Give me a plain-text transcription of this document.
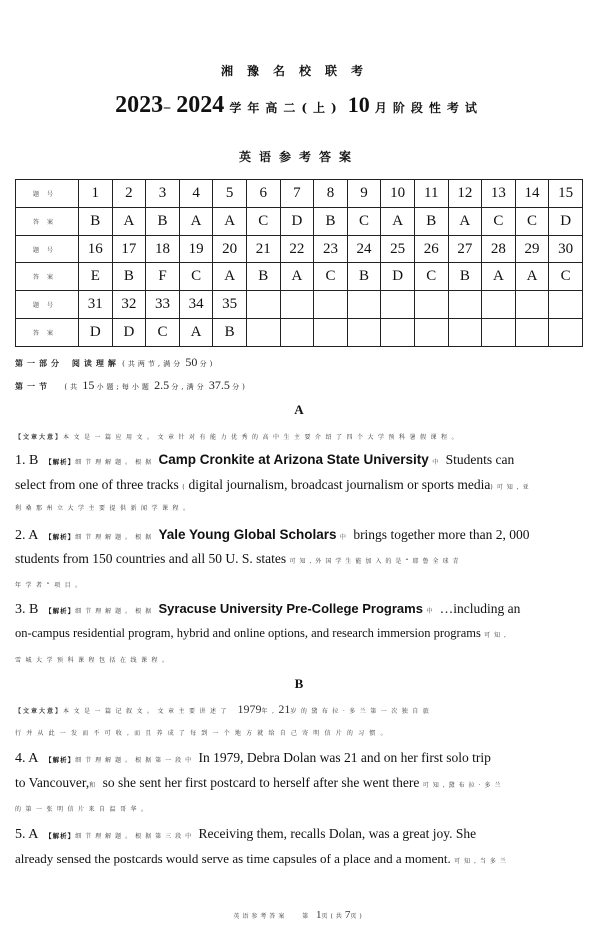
湘豫名校联考
2023– 2024 学年高二(上) 10 月阶段性考试
英语参考答案
题号	1	2	3	4	5	6	7	8	9	10	11	12	13	14	15
答案	B	A	B	A	A	C	D	B	C	A	B	A	C	C	D
题号	16	17	18	19	20	21	22	23	24	25	26	27	28	29	30
答案	E	B	F	C	A	B	A	C	B	D	C	B	A	A	C
题号	31	32	33	34	35										
答案	D	D	C	A	B										
第一部分 阅读理解 (共两节,满分 50 分)
第一节 (共 15 小题;每小题 2.5 分,满分 37.5 分)
A
【文章大意】本文是一篇应用文。文章针对有能力优秀的高中生主要介绍了四个大学预科暑假课程。
1. B 【解析】细节理解题。根据 Camp Cronkite at Arizona State University 中 Students can
select from one of three tracks (digital journalism, broadcast journalism or sports media)可知,亚
利桑那州立大学主要提供新闻学课程。
2. A 【解析】细节理解题。根据 Yale Young Global Scholars 中 brings together more than 2, 000
students from 150 countries and all 50 U. S. states 可知,外国学生能加入的是“耶鲁全球青
年学者”项目。
3. B 【解析】细节理解题。根据 Syracuse University Pre-College Programs 中 …including an
on-campus residential program, hybrid and online options, and research immersion programs 可知,
雪城大学预科课程包括在线课程。
B
【文章大意】本文是一篇记叙文。文章主要讲述了 1979年,21岁的黛布拉·多兰第一次独自旅
行并从此一发而不可收,而且养成了每到一个地方就给自己寄明信片的习惯。
4. A 【解析】细节理解题。根据第一段中 In 1979, Debra Dolan was 21 and on her first solo trip
to Vancouver,和 so she sent her first postcard to herself after she went there 可知,黛布拉·多兰
的第一张明信片来自温哥华。
5. A 【解析】细节理解题。根据第三段中 Receiving them, recalls Dolan, was a great joy. She
already sensed the postcards would serve as time capsules of a place and a moment. 可知,当多兰
英语参考答案 第 1页(共7页)
